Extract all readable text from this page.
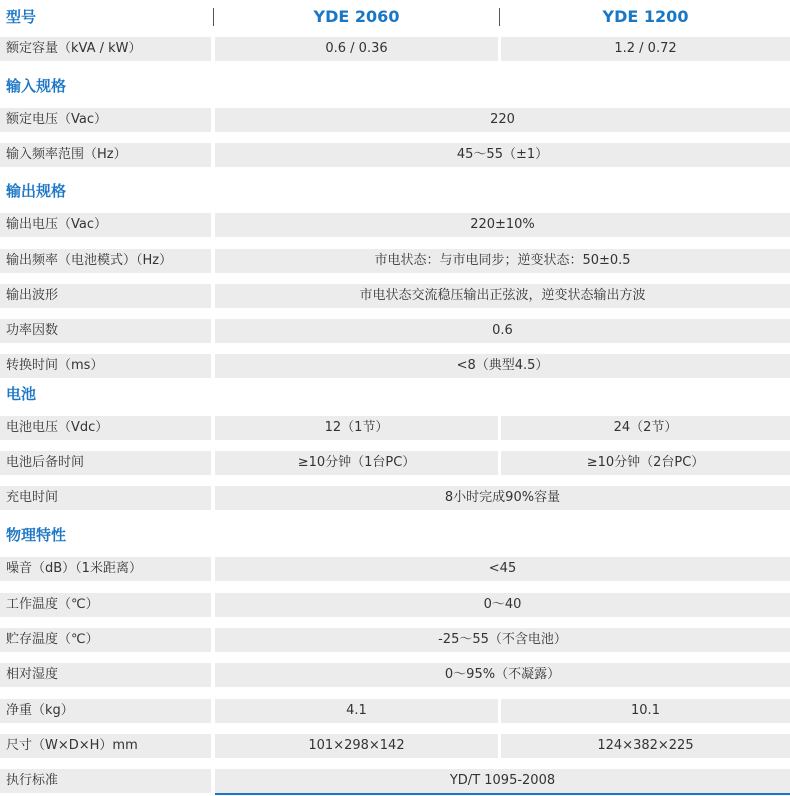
型号	YDE 2060	YDE 1200
额定容量（kVA / kW）	0.6 / 0.36	1.2 / 0.72
输入规格
额定电压（Vac）	220
输入频率范围（Hz）	45～55（±1）
输出规格
输出电压（Vac）	220±10%
输出频率（电池模式）（Hz）	市电状态：与市电同步；逆变状态：50±0.5
输出波形	市电状态交流稳压输出正弦波，逆变状态输出方波
功率因数	0.6
转换时间（ms）	<8（典型4.5）
电池
电池电压（Vdc）	12（1节）	24（2节）
电池后备时间	≥10分钟（1台PC）	≥10分钟（2台PC）
充电时间	8小时完成90%容量
物理特性
噪音（dB）（1米距离）	<45
工作温度（℃）	0～40
贮存温度（℃）	-25～55（不含电池）
相对湿度	0～95%（不凝露）
净重（kg）	4.1	10.1
尺寸（W×D×H）mm	101×298×142	124×382×225
执行标准	YD/T 1095-2008
